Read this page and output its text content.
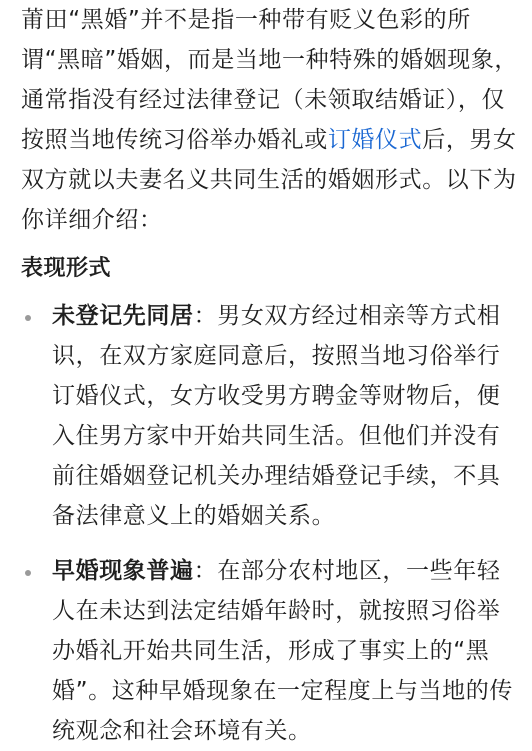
莆田“黑婚”并不是指一种带有贬义色彩的所谓“黑暗”婚姻，而是当地一种特殊的婚姻现象，通常指没有经过法律登记（未领取结婚证），仅按照当地传统习俗举办婚礼或订婚仪式后，男女双方就以夫妻名义共同生活的婚姻形式。以下为你详细介绍：

表现形式
未登记先同居：男女双方经过相亲等方式相识，在双方家庭同意后，按照当地习俗举行订婚仪式，女方收受男方聘金等财物后，便入住男方家中开始共同生活。但他们并没有前往婚姻登记机关办理结婚登记手续，不具备法律意义上的婚姻关系。
早婚现象普遍：在部分农村地区，一些年轻人在未达到法定结婚年龄时，就按照习俗举办婚礼开始共同生活，形成了事实上的“黑婚”。这种早婚现象在一定程度上与当地的传统观念和社会环境有关。
